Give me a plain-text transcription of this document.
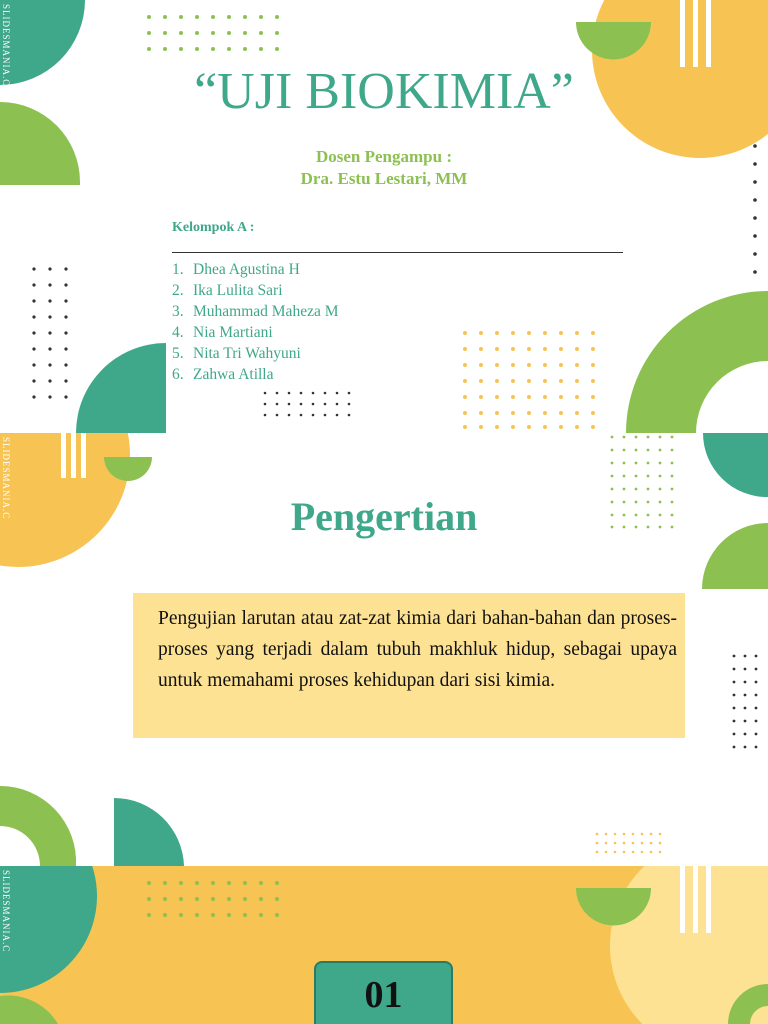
SLIDESMANIA.C
“UJI BIOKIMIA”
Dosen Pengampu :
Dra. Estu Lestari, MM
Kelompok A :
1. Dhea Agustina H
2. Ika Lulita Sari
3. Muhammad Maheza M
4. Nia Martiani
5. Nita Tri Wahyuni
6. Zahwa Atilla
SLIDESMANIA.C	Pengertian

Pengujian larutan atau zat-zat kimia dari bahan-bahan dan proses-proses yang terjadi dalam tubuh makhluk hidup, sebagai upaya untuk memahami proses kehidupan dari sisi kimia.

SLIDESMANIA.C
01
